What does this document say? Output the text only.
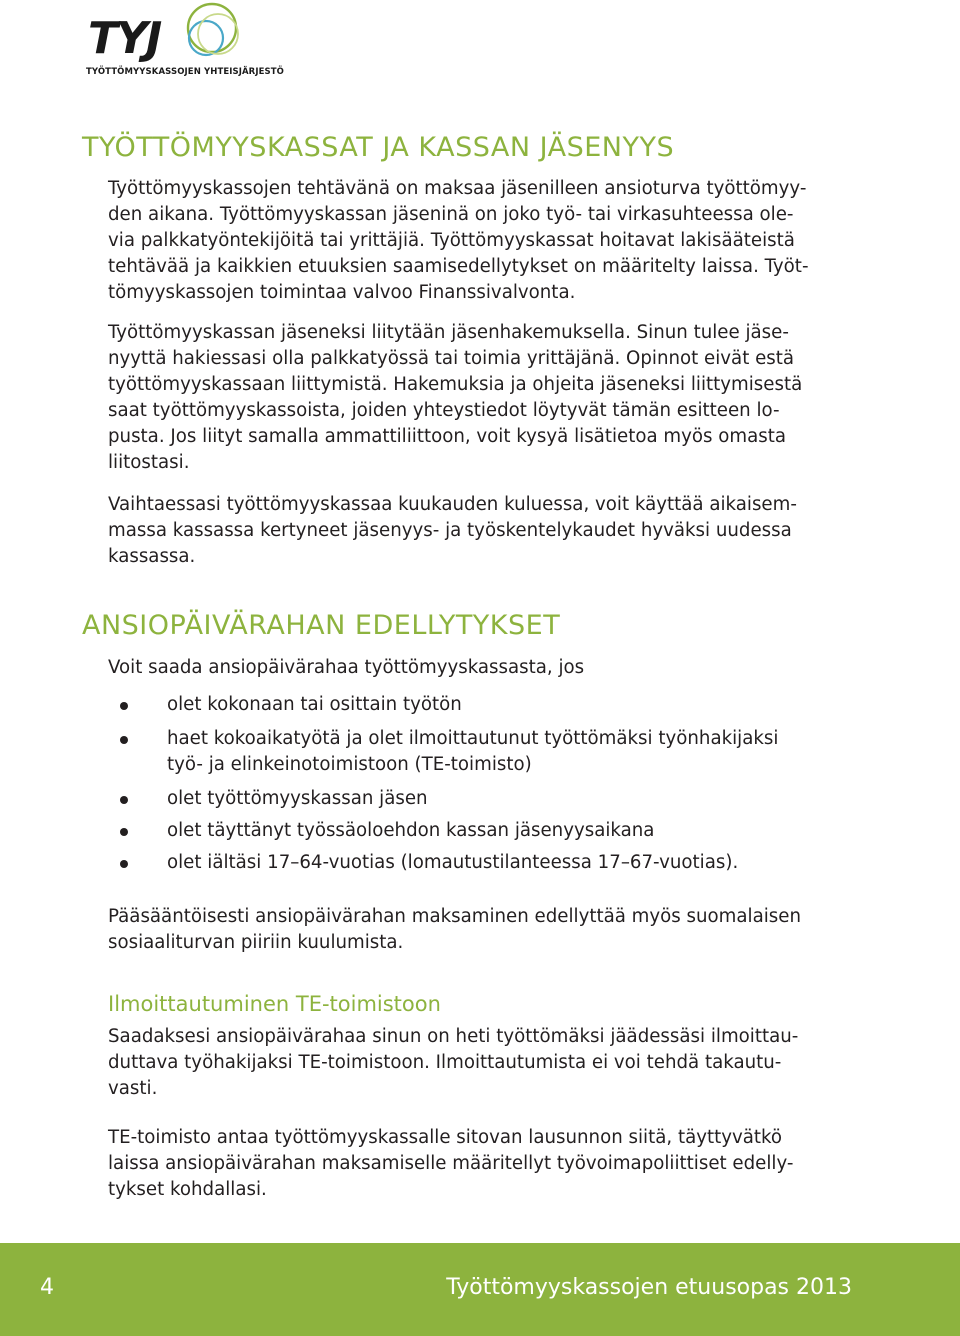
TYJ
TYÖTTÖMYYSKASSOJEN YHTEISJÄRJESTÖ
TYÖTTÖMYYSKASSAT JA KASSAN JÄSENYYS
Työttömyyskassojen tehtävänä on maksaa jäsenilleen ansioturva työttömyy-
den aikana. Työttömyyskassan jäseninä on joko työ- tai virkasuhteessa ole-
via palkkatyöntekijöitä tai yrittäjiä. Työttömyyskassat hoitavat lakisääteistä
tehtävää ja kaikkien etuuksien saamisedellytykset on määritelty laissa. Työt-
tömyyskassojen toimintaa valvoo Finanssivalvonta.
Työttömyyskassan jäseneksi liitytään jäsenhakemuksella. Sinun tulee jäse-
nyyttä hakiessasi olla palkkatyössä tai toimia yrittäjänä. Opinnot eivät estä
työttömyyskassaan liittymistä. Hakemuksia ja ohjeita jäseneksi liittymisestä
saat työttömyyskassoista, joiden yhteystiedot löytyvät tämän esitteen lo-
pusta. Jos liityt samalla ammattiliittoon, voit kysyä lisätietoa myös omasta
liitostasi.
Vaihtaessasi työttömyyskassaa kuukauden kuluessa, voit käyttää aikaisem-
massa kassassa kertyneet jäsenyys- ja työskentelykaudet hyväksi uudessa
kassassa.
ANSIOPÄIVÄRAHAN EDELLYTYKSET
Voit saada ansiopäivärahaa työttömyyskassasta, jos
olet kokonaan tai osittain työtön
haet kokoaikatyötä ja olet ilmoittautunut työttömäksi työnhakijaksi
työ- ja elinkeinotoimistoon (TE-toimisto)
olet työttömyyskassan jäsen
olet täyttänyt työssäoloehdon kassan jäsenyysaikana
olet iältäsi 17–64-vuotias (lomautustilanteessa 17–67-vuotias).
Pääsääntöisesti ansiopäivärahan maksaminen edellyttää myös suomalaisen
sosiaaliturvan piiriin kuulumista.
Ilmoittautuminen TE-toimistoon
Saadaksesi ansiopäivärahaa sinun on heti työttömäksi jäädessäsi ilmoittau-
duttava työhakijaksi TE-toimistoon. Ilmoittautumista ei voi tehdä takautu-
vasti.
TE-toimisto antaa työttömyyskassalle sitovan lausunnon siitä, täyttyvätkö
laissa ansiopäivärahan maksamiselle määritellyt työvoimapoliittiset edelly-
tykset kohdallasi.
4	Työttömyyskassojen etuusopas 2013
